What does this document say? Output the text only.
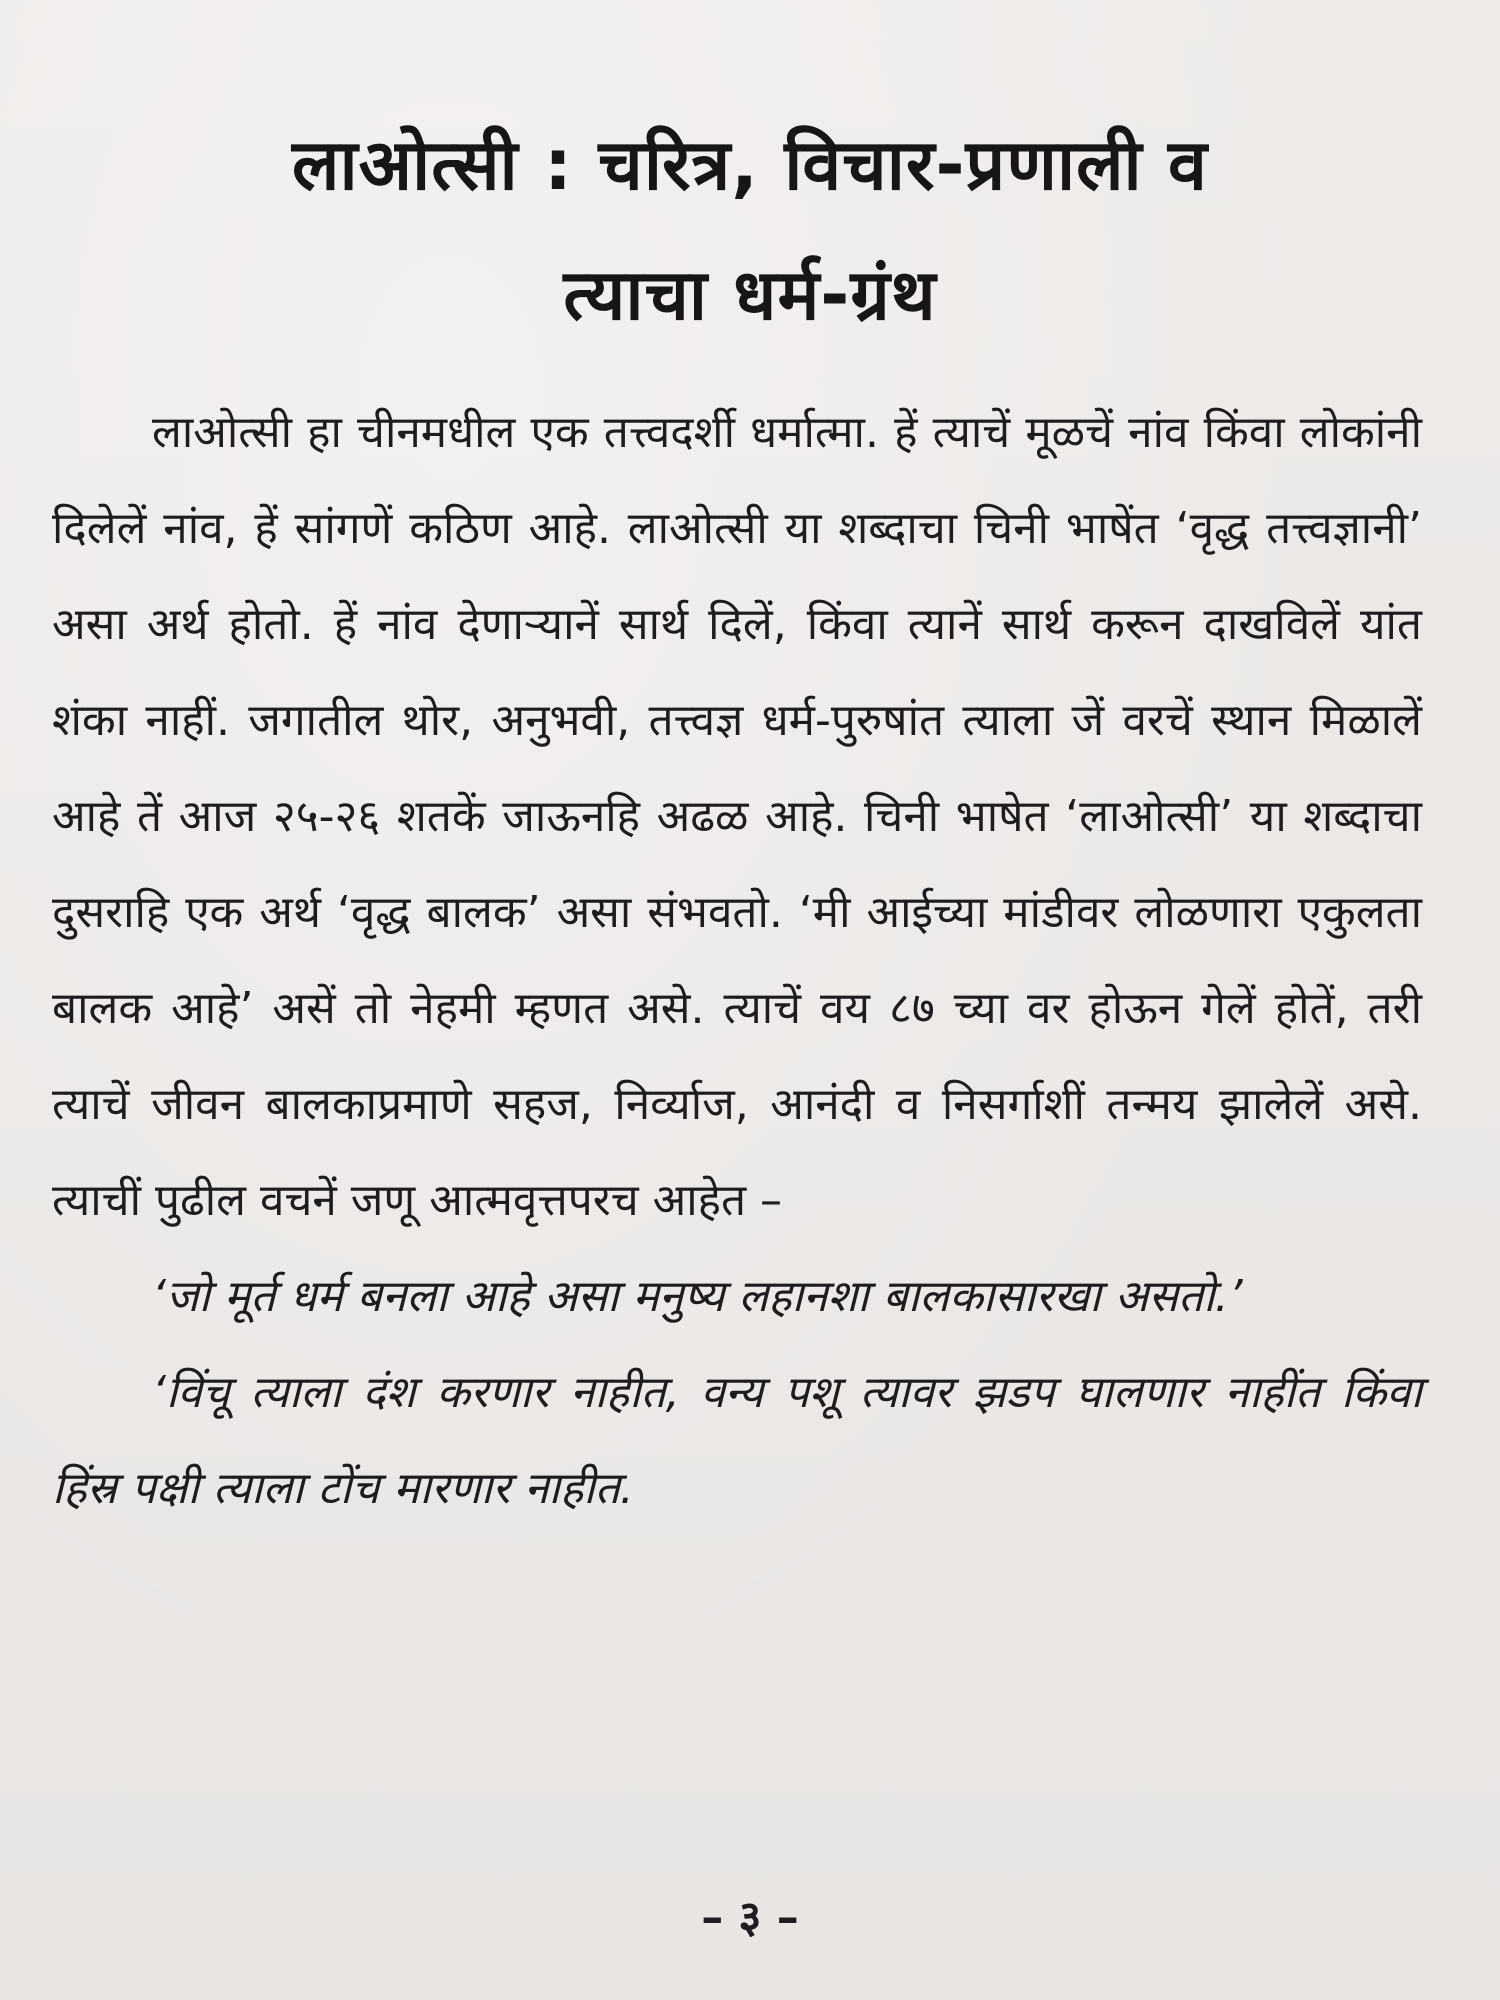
लाओत्सी : चरित्र, विचार-प्रणाली व
त्याचा धर्म-ग्रंथ

लाओत्सी हा चीनमधील एक तत्त्वदर्शी धर्मात्मा. हें त्याचें मूळचें नांव किंवा लोकांनी दिलेलें नांव, हें सांगणें कठिण आहे. लाओत्सी या शब्दाचा चिनी भाषेंत ‘वृद्ध तत्त्वज्ञानी’ असा अर्थ होतो. हें नांव देणाऱ्यानें सार्थ दिलें, किंवा त्यानें सार्थ करून दाखविलें यांत शंका नाहीं. जगातील थोर, अनुभवी, तत्त्वज्ञ धर्म-पुरुषांत त्याला जें वरचें स्थान मिळालें आहे तें आज २५-२६ शतकें जाऊनहि अढळ आहे. चिनी भाषेत ‘लाओत्सी’ या शब्दाचा दुसराहि एक अर्थ ‘वृद्ध बालक’ असा संभवतो. ‘मी आईच्या मांडीवर लोळणारा एकुलता बालक आहे’ असें तो नेहमी म्हणत असे. त्याचें वय ८७ च्या वर होऊन गेलें होतें, तरी त्याचें जीवन बालकाप्रमाणे सहज, निर्व्याज, आनंदी व निसर्गाशीं तन्मय झालेलें असे. त्याचीं पुढील वचनें जणू आत्मवृत्तपरच आहेत –

‘जो मूर्त धर्म बनला आहे असा मनुष्य लहानशा बालकासारखा असतो.’

‘विंचू त्याला दंश करणार नाहीत, वन्य पशू त्यावर झडप घालणार नाहींत किंवा हिंस्र पक्षी त्याला टोंच मारणार नाहीत.

– ३ –
